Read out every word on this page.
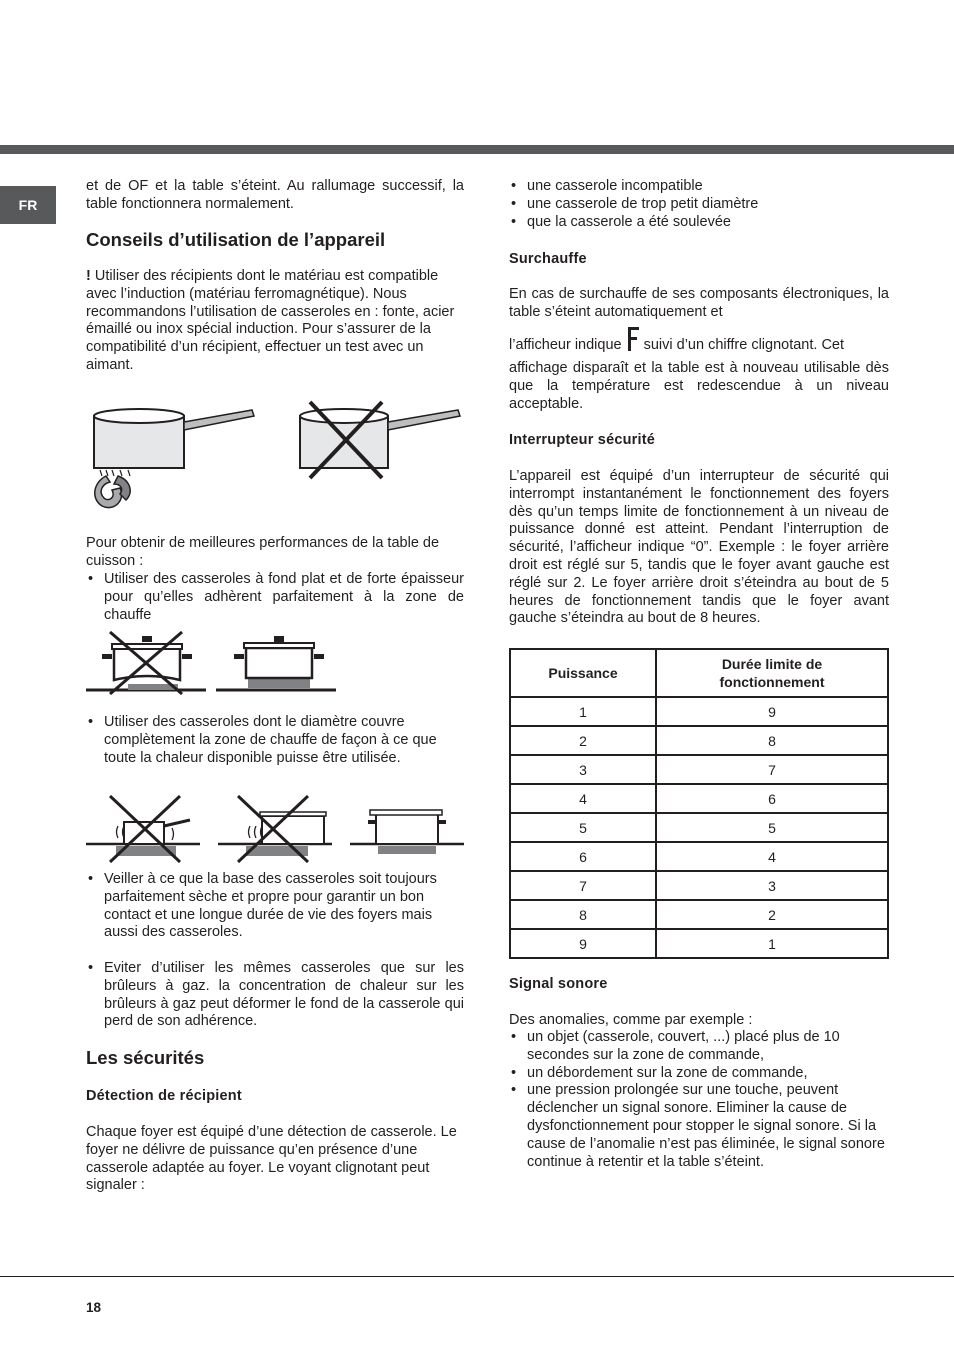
FR

et de OF et la table s’éteint. Au rallumage successif, la table fonctionnera normalement.

Conseils d’utilisation de l’appareil

! Utiliser des récipients dont le matériau est compatible avec l’induction (matériau ferromagnétique). Nous recommandons l’utilisation de casseroles en : fonte, acier émaillé ou inox spécial induction. Pour s’assurer de la compatibilité d’un récipient, effectuer un test avec un aimant.

Pour obtenir de meilleures performances de la table de cuisson :

• Utiliser des casseroles à fond plat et de forte épaisseur pour qu’elles adhèrent parfaitement à la zone de chauffe
• Utiliser des casseroles dont le diamètre couvre complètement la zone de chauffe de façon à ce que toute la chaleur disponible puisse être utilisée.
• Veiller à ce que la base des casseroles soit toujours parfaitement sèche et propre pour garantir un bon contact et une longue durée de vie des foyers mais aussi des casseroles.
• Eviter d’utiliser les mêmes casseroles que sur les brûleurs à gaz. la concentration de chaleur sur les brûleurs à gaz peut déformer le fond de la casserole qui perd de son adhérence.
Les sécurités
Détection de récipient

Chaque foyer est équipé d’une détection de casserole. Le foyer ne délivre de puissance qu’en présence d’une casserole adaptée au foyer. Le voyant clignotant peut signaler :

• une casserole incompatible
• une casserole de trop petit diamètre
• que la casserole a été soulevée
Surchauffe

En cas de surchauffe de ses composants électroniques, la table s’éteint automatiquement et

l’afficheur indique suivi d’un chiffre clignotant. Cet

affichage disparaît et la table est à nouveau utilisable dès que la température est redescendue à un niveau acceptable.

Interrupteur sécurité

L’appareil est équipé d’un interrupteur de sécurité qui interrompt instantanément le fonctionnement des foyers dès qu’un temps limite de fonctionnement à un niveau de puissance donné est atteint. Pendant l’interruption de sécurité, l’afficheur indique “0”. Exemple : le foyer arrière droit est réglé sur 5, tandis que le foyer avant gauche est réglé sur 2. Le foyer arrière droit s’éteindra au bout de 5 heures de fonctionnement tandis que le foyer avant gauche s’éteindra au bout de 8 heures.

Signal sonore

Des anomalies, comme par exemple :

• un objet (casserole, couvert, ...) placé plus de 10 secondes sur la zone de commande,
• un débordement sur la zone de commande,
• une pression prolongée sur une touche, peuvent déclencher un signal sonore. Eliminer la cause de dysfonctionnement pour stopper le signal sonore. Si la cause de l’anomalie n’est pas éliminée, le signal sonore continue à retentir et la table s’éteint.
Puissance	Durée limite de fonctionnement
1	9
2	8
3	7
4	6
5	5
6	4
7	3
8	2
9	1
18
